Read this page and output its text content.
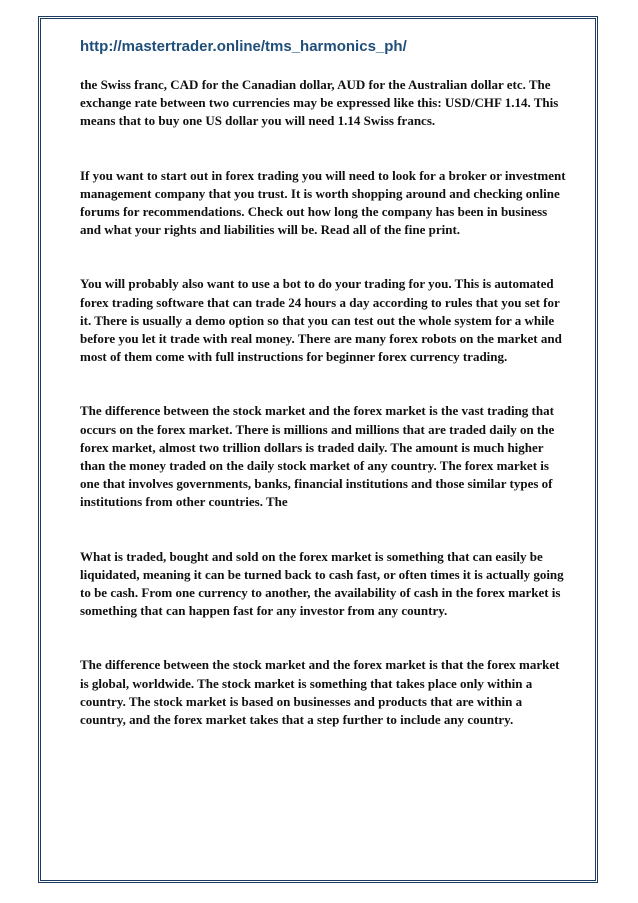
http://mastertrader.online/tms_harmonics_ph/

the Swiss franc, CAD for the Canadian dollar, AUD for the Australian dollar etc. The exchange rate between two currencies may be expressed like this: USD/CHF 1.14. This means that to buy one US dollar you will need 1.14 Swiss francs.

If you want to start out in forex trading you will need to look for a broker or investment management company that you trust. It is worth shopping around and checking online forums for recommendations. Check out how long the company has been in business and what your rights and liabilities will be. Read all of the fine print.

You will probably also want to use a bot to do your trading for you. This is automated forex trading software that can trade 24 hours a day according to rules that you set for it. There is usually a demo option so that you can test out the whole system for a while before you let it trade with real money. There are many forex robots on the market and most of them come with full instructions for beginner forex currency trading.

The difference between the stock market and the forex market is the vast trading that occurs on the forex market. There is millions and millions that are traded daily on the forex market, almost two trillion dollars is traded daily. The amount is much higher than the money traded on the daily stock market of any country. The forex market is one that involves governments, banks, financial institutions and those similar types of institutions from other countries. The

What is traded, bought and sold on the forex market is something that can easily be liquidated, meaning it can be turned back to cash fast, or often times it is actually going to be cash. From one currency to another, the availability of cash in the forex market is something that can happen fast for any investor from any country.

The difference between the stock market and the forex market is that the forex market is global, worldwide. The stock market is something that takes place only within a country. The stock market is based on businesses and products that are within a country, and the forex market takes that a step further to include any country.
